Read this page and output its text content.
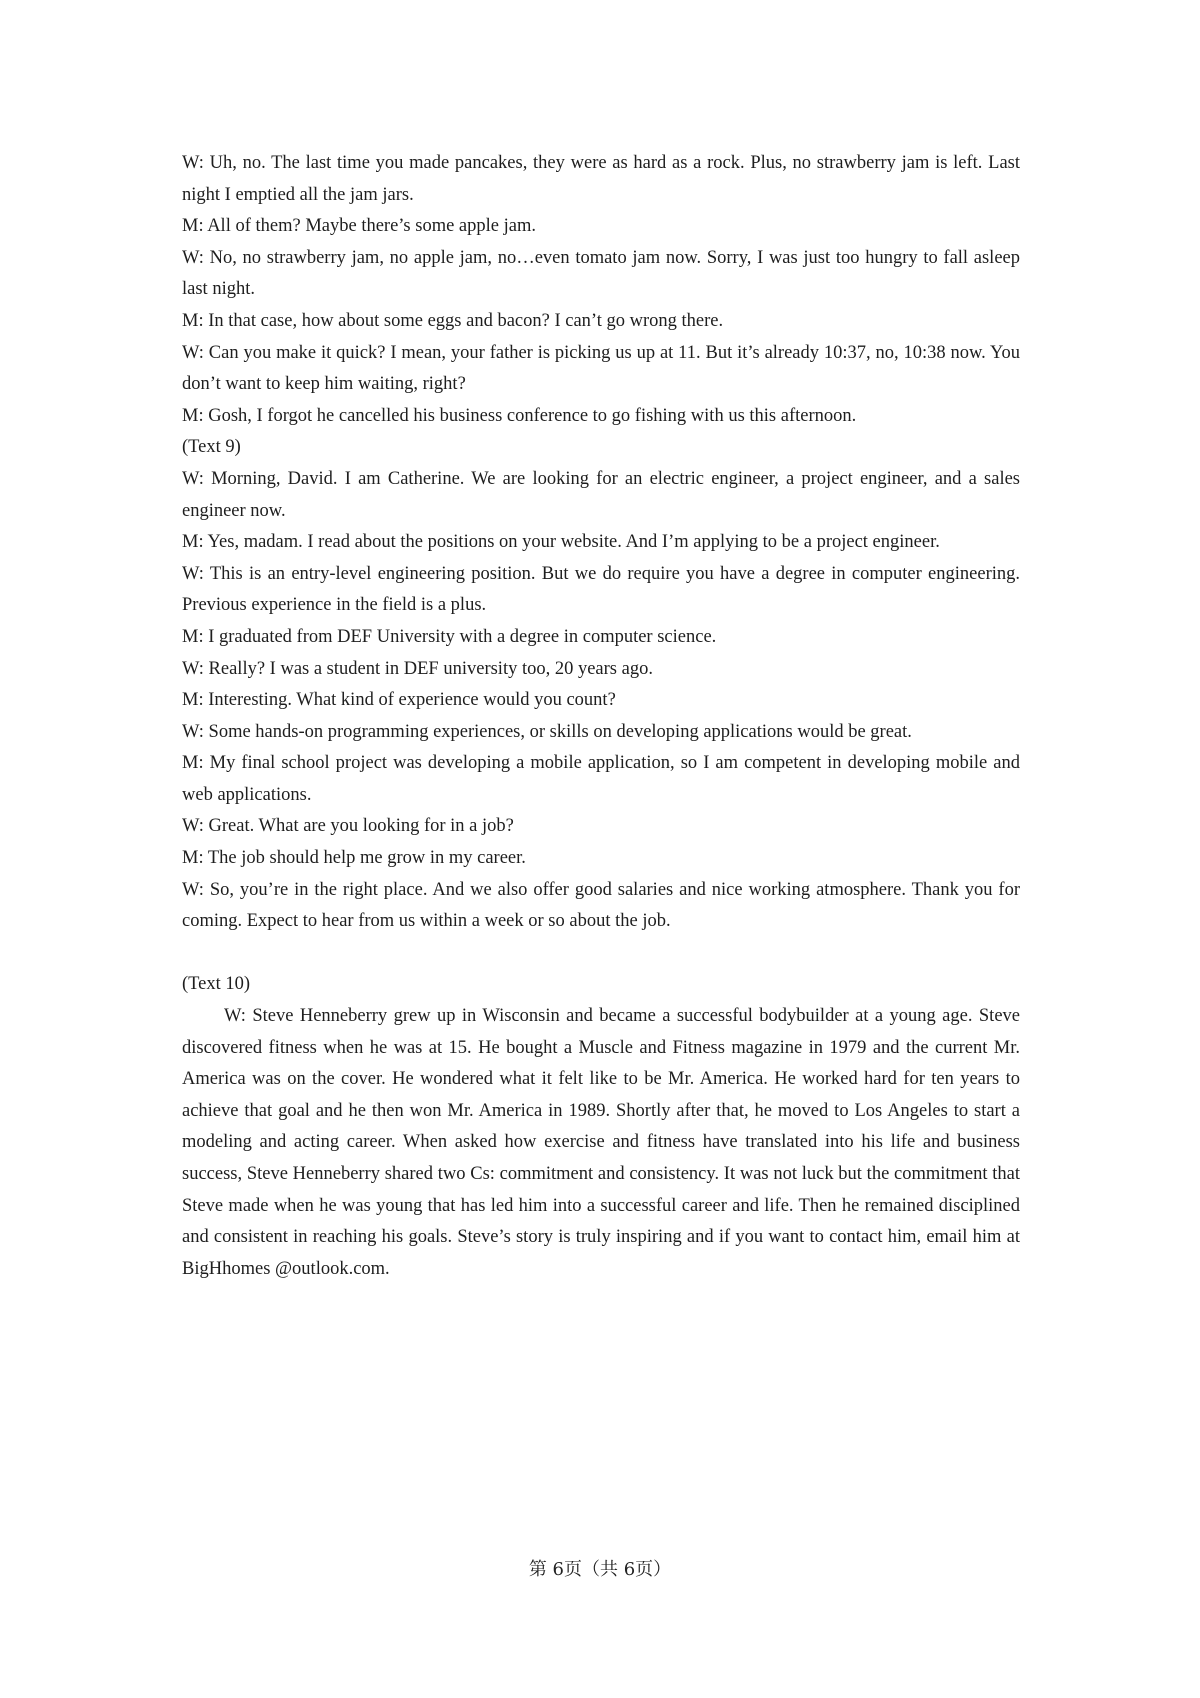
W: Uh, no. The last time you made pancakes, they were as hard as a rock. Plus, no strawberry jam is left. Last night I emptied all the jam jars.

M: All of them? Maybe there’s some apple jam.

W: No, no strawberry jam, no apple jam, no…even tomato jam now. Sorry, I was just too hungry to fall asleep last night.

M: In that case, how about some eggs and bacon? I can’t go wrong there.

W: Can you make it quick? I mean, your father is picking us up at 11. But it’s already 10:37, no, 10:38 now. You don’t want to keep him waiting, right?

M: Gosh, I forgot he cancelled his business conference to go fishing with us this afternoon.

(Text 9)

W: Morning, David. I am Catherine. We are looking for an electric engineer, a project engineer, and a sales engineer now.

M: Yes, madam. I read about the positions on your website. And I’m applying to be a project engineer.

W: This is an entry-level engineering position. But we do require you have a degree in computer engineering. Previous experience in the field is a plus.

M: I graduated from DEF University with a degree in computer science.

W: Really? I was a student in DEF university too, 20 years ago.

M: Interesting. What kind of experience would you count?

W: Some hands-on programming experiences, or skills on developing applications would be great.

M: My final school project was developing a mobile application, so I am competent in developing mobile and web applications.

W: Great. What are you looking for in a job?

M: The job should help me grow in my career.

W: So, you’re in the right place. And we also offer good salaries and nice working atmosphere. Thank you for coming. Expect to hear from us within a week or so about the job.

(Text 10)

W: Steve Henneberry grew up in Wisconsin and became a successful bodybuilder at a young age. Steve discovered fitness when he was at 15. He bought a Muscle and Fitness magazine in 1979 and the current Mr. America was on the cover. He wondered what it felt like to be Mr. America. He worked hard for ten years to achieve that goal and he then won Mr. America in 1989. Shortly after that, he moved to Los Angeles to start a modeling and acting career. When asked how exercise and fitness have translated into his life and business success, Steve Henneberry shared two Cs: commitment and consistency. It was not luck but the commitment that Steve made when he was young that has led him into a successful career and life. Then he remained disciplined and consistent in reaching his goals. Steve’s story is truly inspiring and if you want to contact him, email him at BigHhomes @outlook.com.

第 6页（共 6页）
